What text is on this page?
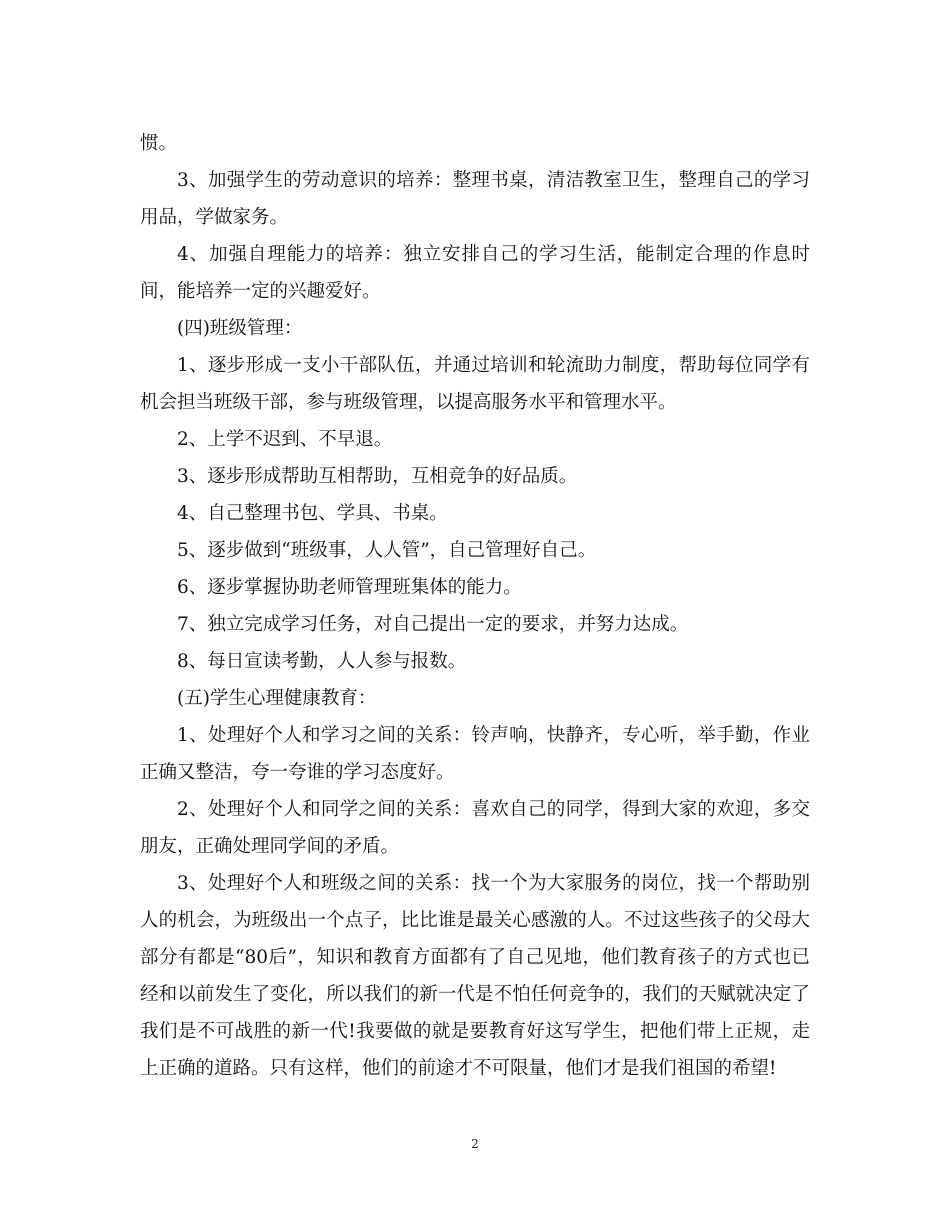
惯。

3、加强学生的劳动意识的培养：整理书桌，清洁教室卫生，整理自己的学习用品，学做家务。

4、加强自理能力的培养：独立安排自己的学习生活，能制定合理的作息时间，能培养一定的兴趣爱好。

(四)班级管理：

1、逐步形成一支小干部队伍，并通过培训和轮流助力制度，帮助每位同学有机会担当班级干部，参与班级管理，以提高服务水平和管理水平。

2、上学不迟到、不早退。

3、逐步形成帮助互相帮助，互相竞争的好品质。

4、自己整理书包、学具、书桌。

5、逐步做到“班级事，人人管”，自己管理好自己。

6、逐步掌握协助老师管理班集体的能力。

7、独立完成学习任务，对自己提出一定的要求，并努力达成。

8、每日宣读考勤，人人参与报数。

(五)学生心理健康教育：

1、处理好个人和学习之间的关系：铃声响，快静齐，专心听，举手勤，作业正确又整洁，夸一夸谁的学习态度好。

2、处理好个人和同学之间的关系：喜欢自己的同学，得到大家的欢迎，多交朋友，正确处理同学间的矛盾。

3、处理好个人和班级之间的关系：找一个为大家服务的岗位，找一个帮助别人的机会，为班级出一个点子，比比谁是最关心感激的人。不过这些孩子的父母大部分有都是“80后”，知识和教育方面都有了自己见地，他们教育孩子的方式也已经和以前发生了变化，所以我们的新一代是不怕任何竞争的，我们的天赋就决定了我们是不可战胜的新一代!我要做的就是要教育好这写学生，把他们带上正规，走上正确的道路。只有这样，他们的前途才不可限量，他们才是我们祖国的希望!

2
